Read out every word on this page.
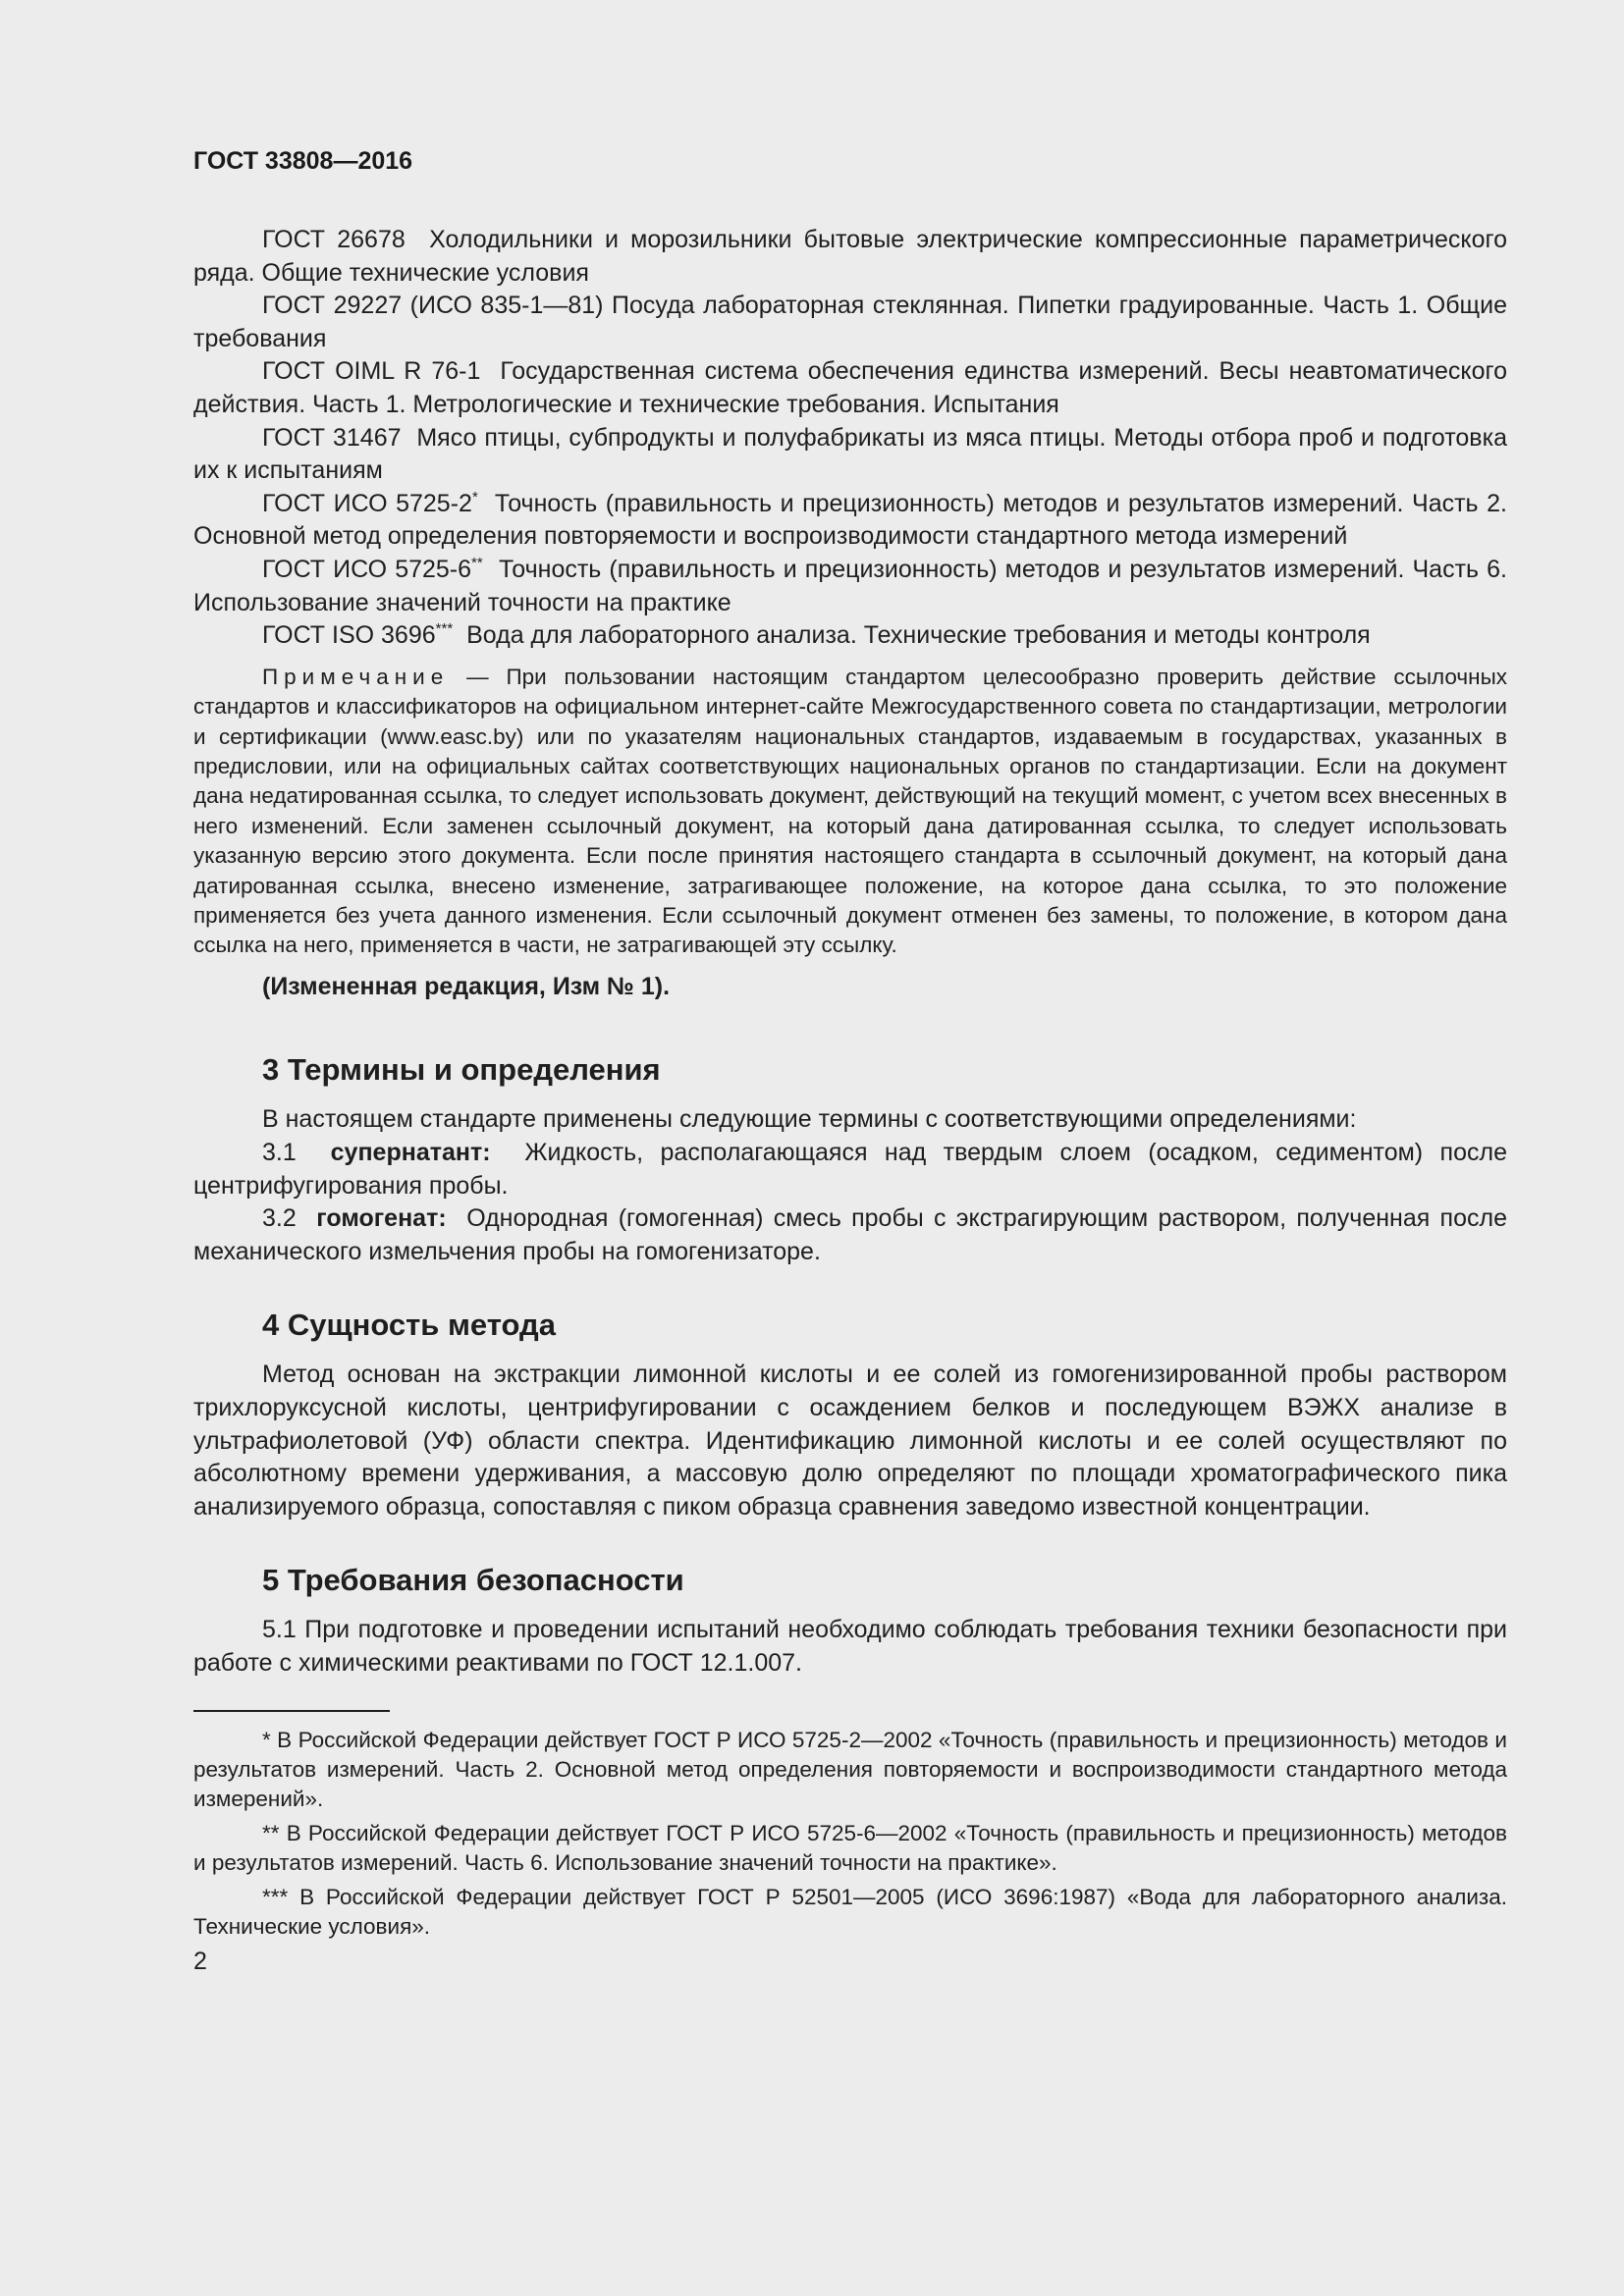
ГОСТ 33808—2016

ГОСТ 26678 Холодильники и морозильники бытовые электрические компрессионные параметрического ряда. Общие технические условия

ГОСТ 29227 (ИСО 835-1—81) Посуда лабораторная стеклянная. Пипетки градуированные. Часть 1. Общие требования

ГОСТ OIML R 76-1 Государственная система обеспечения единства измерений. Весы неавтоматического действия. Часть 1. Метрологические и технические требования. Испытания

ГОСТ 31467 Мясо птицы, субпродукты и полуфабрикаты из мяса птицы. Методы отбора проб и подготовка их к испытаниям

ГОСТ ИСО 5725-2* Точность (правильность и прецизионность) методов и результатов измерений. Часть 2. Основной метод определения повторяемости и воспроизводимости стандартного метода измерений

ГОСТ ИСО 5725-6** Точность (правильность и прецизионность) методов и результатов измерений. Часть 6. Использование значений точности на практике

ГОСТ ISO 3696*** Вода для лабораторного анализа. Технические требования и методы контроля

Примечание — При пользовании настоящим стандартом целесообразно проверить действие ссылочных стандартов и классификаторов на официальном интернет-сайте Межгосударственного совета по стандартизации, метрологии и сертификации (www.easc.by) или по указателям национальных стандартов, издаваемым в государствах, указанных в предисловии, или на официальных сайтах соответствующих национальных органов по стандартизации. Если на документ дана недатированная ссылка, то следует использовать документ, действующий на текущий момент, с учетом всех внесенных в него изменений. Если заменен ссылочный документ, на который дана датированная ссылка, то следует использовать указанную версию этого документа. Если после принятия настоящего стандарта в ссылочный документ, на который дана датированная ссылка, внесено изменение, затрагивающее положение, на которое дана ссылка, то это положение применяется без учета данного изменения. Если ссылочный документ отменен без замены, то положение, в котором дана ссылка на него, применяется в части, не затрагивающей эту ссылку.

(Измененная редакция, Изм № 1).

3 Термины и определения

В настоящем стандарте применены следующие термины с соответствующими определениями:

3.1 супернатант: Жидкость, располагающаяся над твердым слоем (осадком, седиментом) после центрифугирования пробы.

3.2 гомогенат: Однородная (гомогенная) смесь пробы с экстрагирующим раствором, полученная после механического измельчения пробы на гомогенизаторе.

4 Сущность метода

Метод основан на экстракции лимонной кислоты и ее солей из гомогенизированной пробы раствором трихлоруксусной кислоты, центрифугировании с осаждением белков и последующем ВЭЖХ анализе в ультрафиолетовой (УФ) области спектра. Идентификацию лимонной кислоты и ее солей осуществляют по абсолютному времени удерживания, а массовую долю определяют по площади хроматографического пика анализируемого образца, сопоставляя с пиком образца сравнения заведомо известной концентрации.

5 Требования безопасности

5.1 При подготовке и проведении испытаний необходимо соблюдать требования техники безопасности при работе с химическими реактивами по ГОСТ 12.1.007.

* В Российской Федерации действует ГОСТ Р ИСО 5725-2—2002 «Точность (правильность и прецизионность) методов и результатов измерений. Часть 2. Основной метод определения повторяемости и воспроизводимости стандартного метода измерений».

** В Российской Федерации действует ГОСТ Р ИСО 5725-6—2002 «Точность (правильность и прецизионность) методов и результатов измерений. Часть 6. Использование значений точности на практике».

*** В Российской Федерации действует ГОСТ Р 52501—2005 (ИСО 3696:1987) «Вода для лабораторного анализа. Технические условия».

2
